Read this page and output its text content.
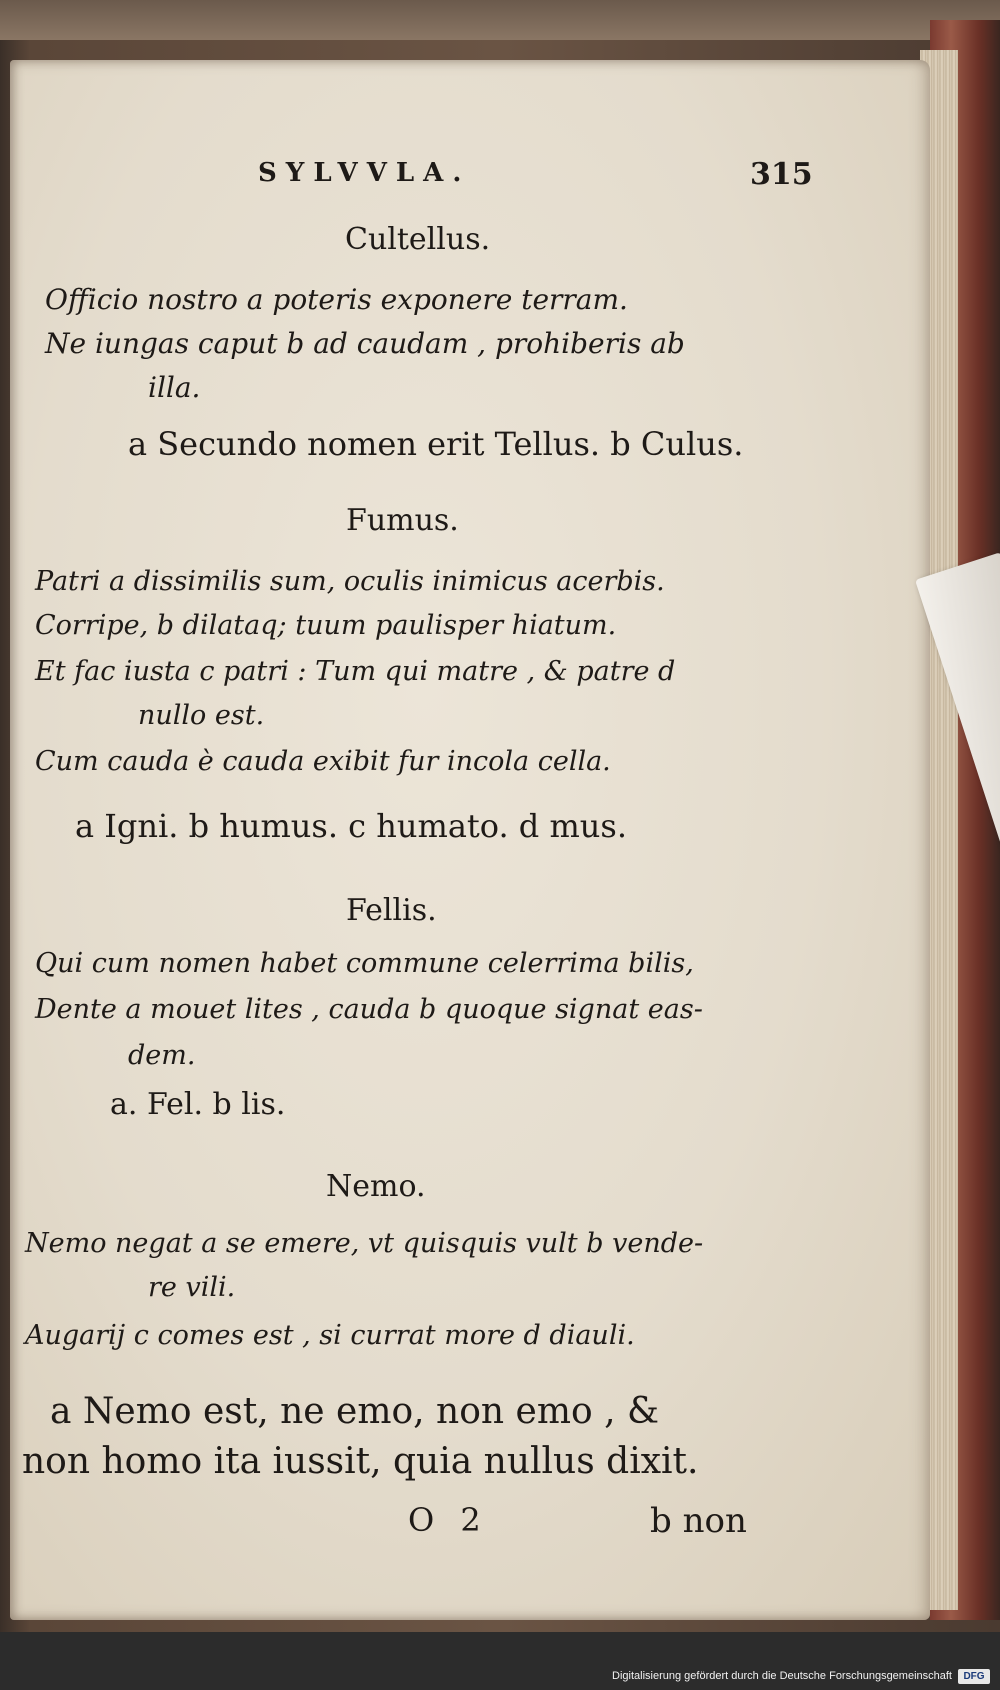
SYLVVLA.	315
Cultellus.
Officio nostro a poteris exponere terram.
Ne iungas caput b ad caudam , prohiberis ab
illa.
a Secundo nomen erit Tellus. b Culus.
Fumus.
Patri a dissimilis sum, oculis inimicus acerbis.
Corripe, b dilataq; tuum paulisper hiatum.
Et fac iusta c patri : Tum qui matre , & patre d
nullo est.
Cum cauda è cauda exibit fur incola cella.
a Igni. b humus. c humato. d mus.
Fellis.
Qui cum nomen habet commune celerrima bilis,
Dente a mouet lites , cauda b quoque signat eas-
dem.
a. Fel. b lis.
Nemo.
Nemo negat a se emere, vt quisquis vult b vende-
re vili.
Augarij c comes est , si currat more d diauli.
a Nemo est, ne emo, non emo , &
non homo ita iussit, quia nullus dixit.
O 2	b non
Digitalisierung gefördert durch die Deutsche Forschungsgemeinschaft	DFG
